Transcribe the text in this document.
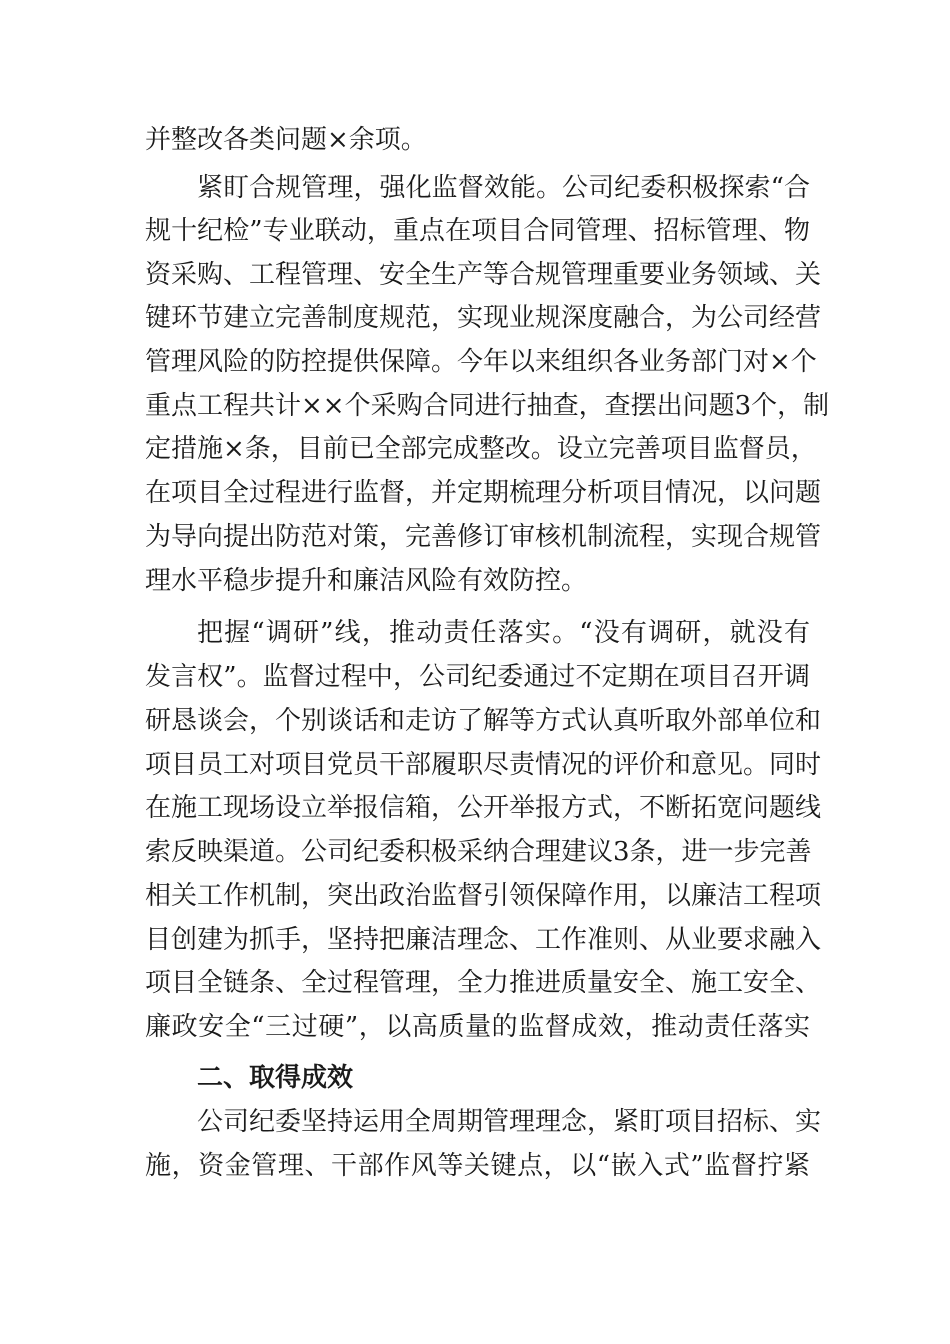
并整改各类问题×余项。
紧盯合规管理，强化监督效能。公司纪委积极探索“合
规十纪检”专业联动，重点在项目合同管理、招标管理、物
资采购、工程管理、安全生产等合规管理重要业务领域、关
键环节建立完善制度规范，实现业规深度融合，为公司经营
管理风险的防控提供保障。今年以来组织各业务部门对×个
重点工程共计××个采购合同进行抽查，查摆出问题3个，制
定措施×条，目前已全部完成整改。设立完善项目监督员，
在项目全过程进行监督，并定期梳理分析项目情况，以问题
为导向提出防范对策，完善修订审核机制流程，实现合规管
理水平稳步提升和廉洁风险有效防控。
把握“调研”线，推动责任落实。“没有调研，就没有
发言权”。监督过程中，公司纪委通过不定期在项目召开调
研恳谈会，个别谈话和走访了解等方式认真听取外部单位和
项目员工对项目党员干部履职尽责情况的评价和意见。同时
在施工现场设立举报信箱，公开举报方式，不断拓宽问题线
索反映渠道。公司纪委积极采纳合理建议3条，进一步完善
相关工作机制，突出政治监督引领保障作用，以廉洁工程项
目创建为抓手，坚持把廉洁理念、工作准则、从业要求融入
项目全链条、全过程管理，全力推进质量安全、施工安全、
廉政安全“三过硬”，以高质量的监督成效，推动责任落实
二、取得成效
公司纪委坚持运用全周期管理理念，紧盯项目招标、实
施，资金管理、干部作风等关键点，以“嵌入式”监督拧紧
